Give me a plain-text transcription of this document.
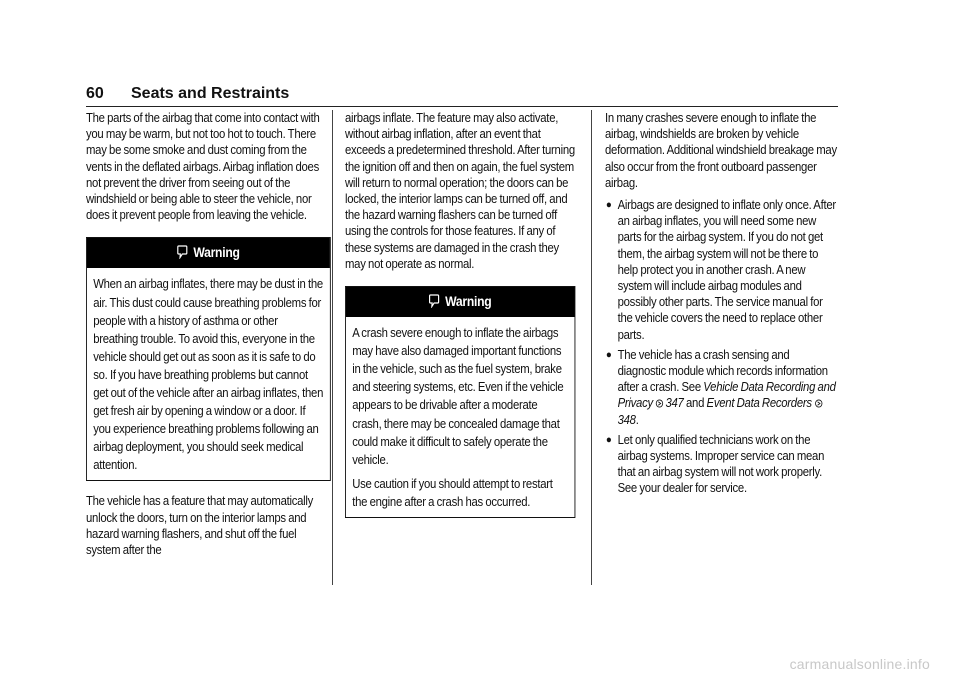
60 Seats and Restraints

The parts of the airbag that come into contact with you may be warm, but not too hot to touch. There may be some smoke and dust coming from the vents in the deflated airbags. Airbag inflation does not prevent the driver from seeing out of the windshield or being able to steer the vehicle, nor does it prevent people from leaving the vehicle.

Warning

When an airbag inflates, there may be dust in the air. This dust could cause breathing problems for people with a history of asthma or other breathing trouble. To avoid this, everyone in the vehicle should get out as soon as it is safe to do so. If you have breathing problems but cannot get out of the vehicle after an airbag inflates, then get fresh air by opening a window or a door. If you experience breathing problems following an airbag deployment, you should seek medical attention.

The vehicle has a feature that may automatically unlock the doors, turn on the interior lamps and hazard warning flashers, and shut off the fuel system after the

airbags inflate. The feature may also activate, without airbag inflation, after an event that exceeds a predetermined threshold. After turning the ignition off and then on again, the fuel system will return to normal operation; the doors can be locked, the interior lamps can be turned off, and the hazard warning flashers can be turned off using the controls for those features. If any of these systems are damaged in the crash they may not operate as normal.

Warning

A crash severe enough to inflate the airbags may have also damaged important functions in the vehicle, such as the fuel system, brake and steering systems, etc. Even if the vehicle appears to be drivable after a moderate crash, there may be concealed damage that could make it difficult to safely operate the vehicle.

Use caution if you should attempt to restart the engine after a crash has occurred.

In many crashes severe enough to inflate the airbag, windshields are broken by vehicle deformation. Additional windshield breakage may also occur from the front outboard passenger airbag.

● Airbags are designed to inflate only once. After an airbag inflates, you will need some new parts for the airbag system. If you do not get them, the airbag system will not be there to help protect you in another crash. A new system will include airbag modules and possibly other parts. The service manual for the vehicle covers the need to replace other parts.
● The vehicle has a crash sensing and diagnostic module which records information after a crash. See Vehicle Data Recording and Privacy 347 and Event Data Recorders348.
● Let only qualified technicians work on the airbag systems. Improper service can mean that an airbag system will not work properly. See your dealer for service.
carmanualsonline.info
